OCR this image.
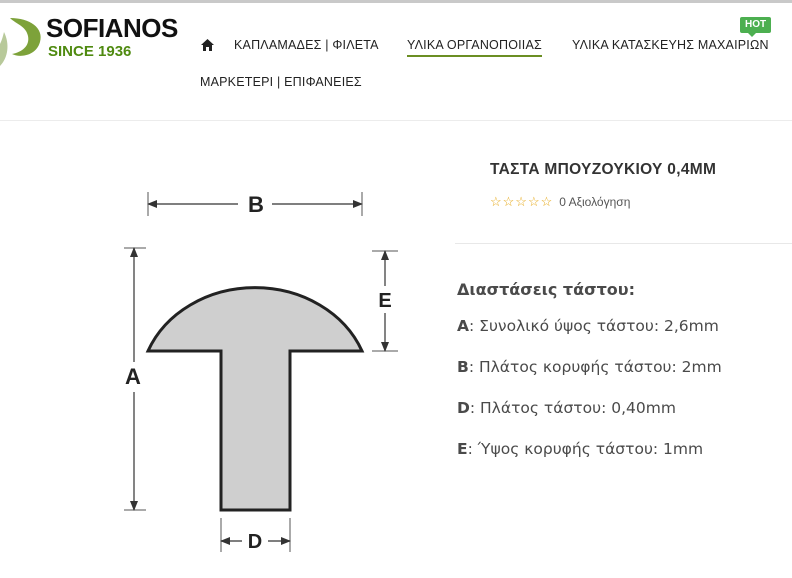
SOFIANOS
SINCE 1936	ΚΑΠΛΑΜΑΔΕΣ | ΦΙΛΕΤΑ ΥΛΙΚΑ ΟΡΓΑΝΟΠΟΙΙΑΣ ΥΛΙΚΑ ΚΑΤΑΣΚΕΥΗΣ ΜΑΧΑΙΡΙΩΝ
ΜΑΡΚΕΤΕΡΙ | ΕΠΙΦΑΝΕΙΕΣ
HOT
B
A
E
D
ΤΑΣΤΑ ΜΠΟΥΖΟΥΚΙΟΥ 0,4MM
☆☆☆☆☆ 0 Αξιολόγηση
Διαστάσεις τάστου:
A: Συνολικό ύψος τάστου: 2,6mm
B: Πλάτος κορυφής τάστου: 2mm
D: Πλάτος τάστου: 0,40mm
E: Ύψος κορυφής τάστου: 1mm
